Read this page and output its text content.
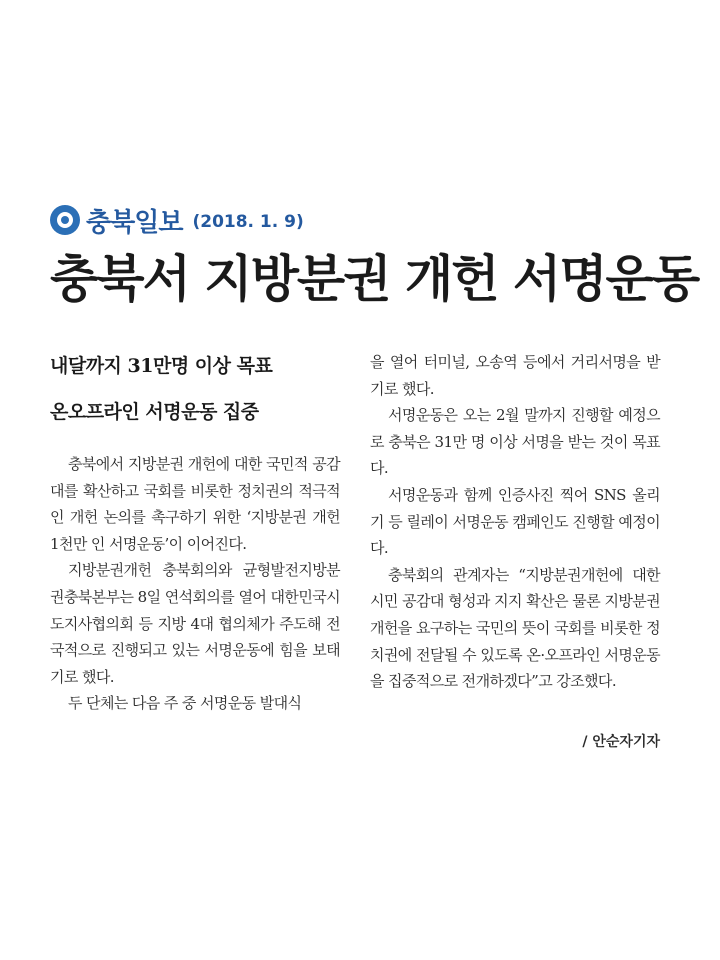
충북일보 (2018. 1. 9)
충북서 지방분권 개헌 서명운동
내달까지 31만명 이상 목표
온오프라인 서명운동 집중

충북에서 지방분권 개헌에 대한 국민적 공감대를 확산하고 국회를 비롯한 정치권의 적극적인 개헌 논의를 촉구하기 위한 ‘지방분권 개헌 1천만 인 서명운동’이 이어진다.

지방분권개헌 충북회의와 균형발전지방분권충북본부는 8일 연석회의를 열어 대한민국시도지사협의회 등 지방 4대 협의체가 주도해 전국적으로 진행되고 있는 서명운동에 힘을 보태기로 했다.

두 단체는 다음 주 중 서명운동 발대식

을 열어 터미널, 오송역 등에서 거리서명을 받기로 했다.

서명운동은 오는 2월 말까지 진행할 예정으로 충북은 31만 명 이상 서명을 받는 것이 목표다.

서명운동과 함께 인증사진 찍어 SNS 올리기 등 릴레이 서명운동 캠페인도 진행할 예정이다.

충북회의 관계자는 “지방분권개헌에 대한 시민 공감대 형성과 지지 확산은 물론 지방분권 개헌을 요구하는 국민의 뜻이 국회를 비롯한 정치권에 전달될 수 있도록 온·오프라인 서명운동을 집중적으로 전개하겠다”고 강조했다.

/ 안순자기자
